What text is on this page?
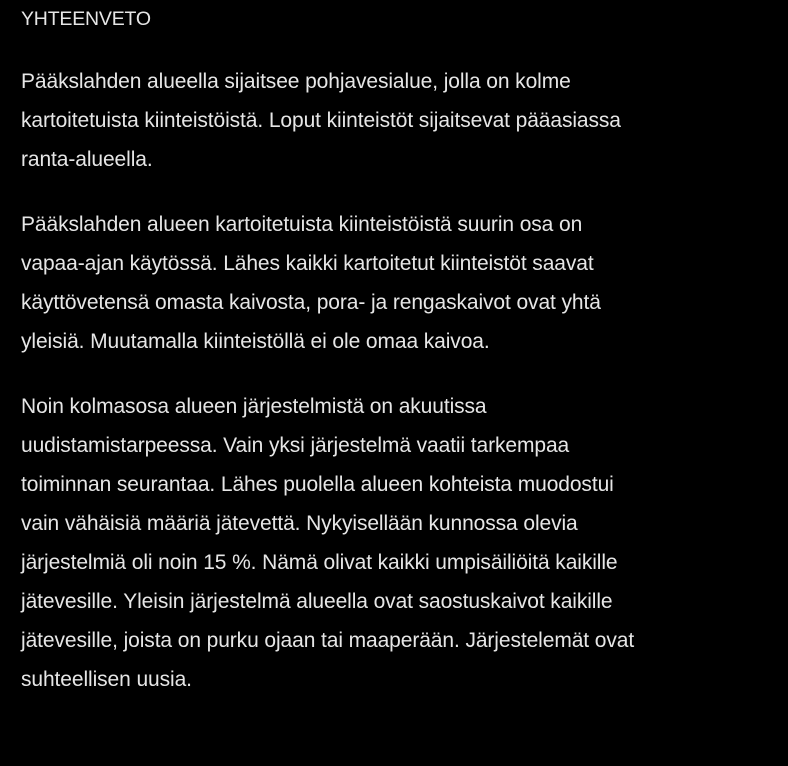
YHTEENVETO
Pääkslahden alueella sijaitsee pohjavesialue, jolla on kolme
kartoitetuista kiinteistöistä. Loput kiinteistöt sijaitsevat pääasiassa
ranta-alueella.
Pääkslahden alueen kartoitetuista kiinteistöistä suurin osa on
vapaa-ajan käytössä. Lähes kaikki kartoitetut kiinteistöt saavat
käyttövetensä omasta kaivosta, pora- ja rengaskaivot ovat yhtä
yleisiä. Muutamalla kiinteistöllä ei ole omaa kaivoa.
Noin kolmasosa alueen järjestelmistä on akuutissa
uudistamistarpeessa. Vain yksi järjestelmä vaatii tarkempaa
toiminnan seurantaa. Lähes puolella alueen kohteista muodostui
vain vähäisiä määriä jätevettä. Nykyisellään kunnossa olevia
järjestelmiä oli noin 15 %. Nämä olivat kaikki umpisäiliöitä kaikille
jätevesille. Yleisin järjestelmä alueella ovat saostuskaivot kaikille
jätevesille, joista on purku ojaan tai maaperään. Järjestelemät ovat
suhteellisen uusia.
